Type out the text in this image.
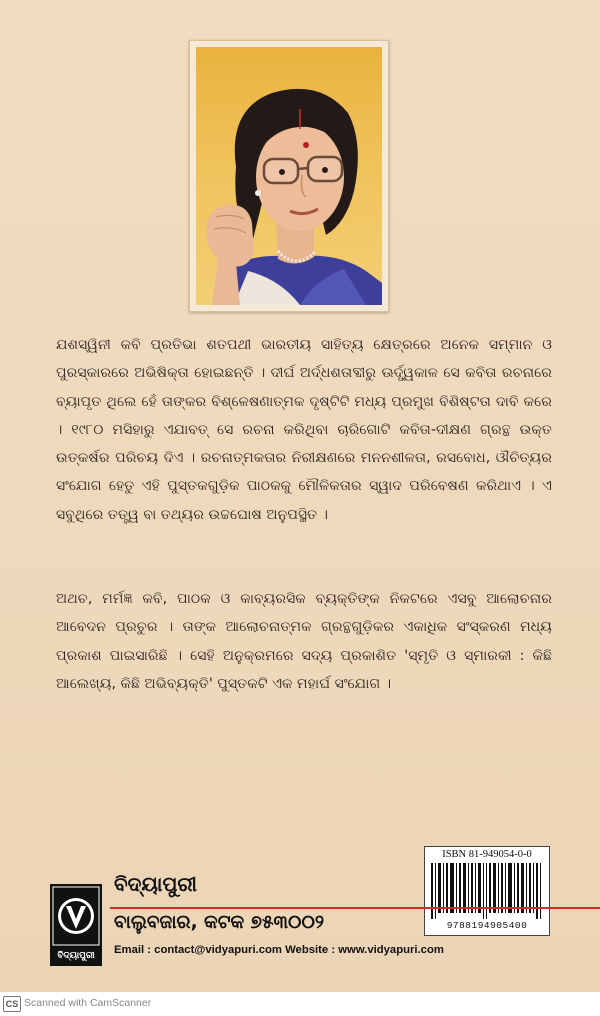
ଯଶସ୍ୱିନୀ କବି ପ୍ରତିଭା ଶତପଥୀ ଭାରତୀୟ ସାହିତ୍ୟ କ୍ଷେତ୍ରରେ ଅନେକ ସମ୍ମାନ ଓ ପୁରସ୍କାରରେ ଅଭିଷିକ୍ତା ହୋଇଛନ୍ତି । ଦୀର୍ଘ ଅର୍ଦ୍ଧଶତାବ୍ଦୀରୁ ଊର୍ଦ୍ଧ୍ୱକାଳ ସେ କବିତା ରଚନାରେ ବ୍ୟାପୃତ ଥିଲେ ହେଁ ତାଙ୍କର ବିଶ୍ଳେଷଣାତ୍ମକ ଦୃଷ୍ଟିଟି ମଧ୍ୟ ପ୍ରମୁଖ ବିଶିଷ୍ଟତା ଦାବି କରେ । ୧୯୮୦ ମସିହାରୁ ଏଯାବତ୍ ସେ ରଚନା କରିଥିବା ଚାରିଗୋଟି କବିତା-ଦୀକ୍ଷଣ ଗ୍ରନ୍ଥ ଉକ୍ତ ଉତ୍କର୍ଷର ପରିଚୟ ଦିଏ । ରଚନାତ୍ମକତାର ନିରୀକ୍ଷଣରେ ମନନଶୀଳତା, ରସବୋଧ, ଔଚିତ୍ୟର ସଂଯୋଗ ହେତୁ ଏହି ପୁସ୍ତକଗୁଡ଼ିକ ପାଠକକୁ ମୌଳିକତାର ସ୍ୱାଦ ପରିବେଷଣ କରିଥାଏ । ଏ ସବୁଥିରେ ତତ୍ତ୍ୱ ବା ତଥ୍ୟର ଉଚ୍ଚଘୋଷ ଅନୁପସ୍ଥିତ ।

ଅଥଚ, ମର୍ମଜ୍ଞ କବି, ପାଠକ ଓ କାବ୍ୟରସିକ ବ୍ୟକ୍ତିଙ୍କ ନିକଟରେ ଏସବୁ ଆଲୋଚନାର ଆବେଦନ ପ୍ରଚୁର । ତାଙ୍କ ଆଲୋଚନାତ୍ମକ ଗ୍ରନ୍ଥଗୁଡ଼ିକର ଏକାଧିକ ସଂସ୍କରଣ ମଧ୍ୟ ପ୍ରକାଶ ପାଇସାରିଛି । ସେହି ଅନୁକ୍ରମରେ ସଦ୍ୟ ପ୍ରକାଶିତ 'ସ୍ମୃତି ଓ ସ୍ମାରକୀ : କିଛି ଆଲେଖ୍ୟ, କିଛି ଅଭିବ୍ୟକ୍ତି' ପୁସ୍ତକଟି ଏକ ମହାର୍ଘ ସଂଯୋଗ ।

ISBN 81-949054-0-0
9788194905400
ବିଦ୍ୟାପୁରୀ
ବିଦ୍ୟାପୁରୀ
ବାଲୁବଜାର, କଟକ ୭୫୩୦୦୨
Email : contact@vidyapuri.com Website : www.vidyapuri.com
CS Scanned with CamScanner
